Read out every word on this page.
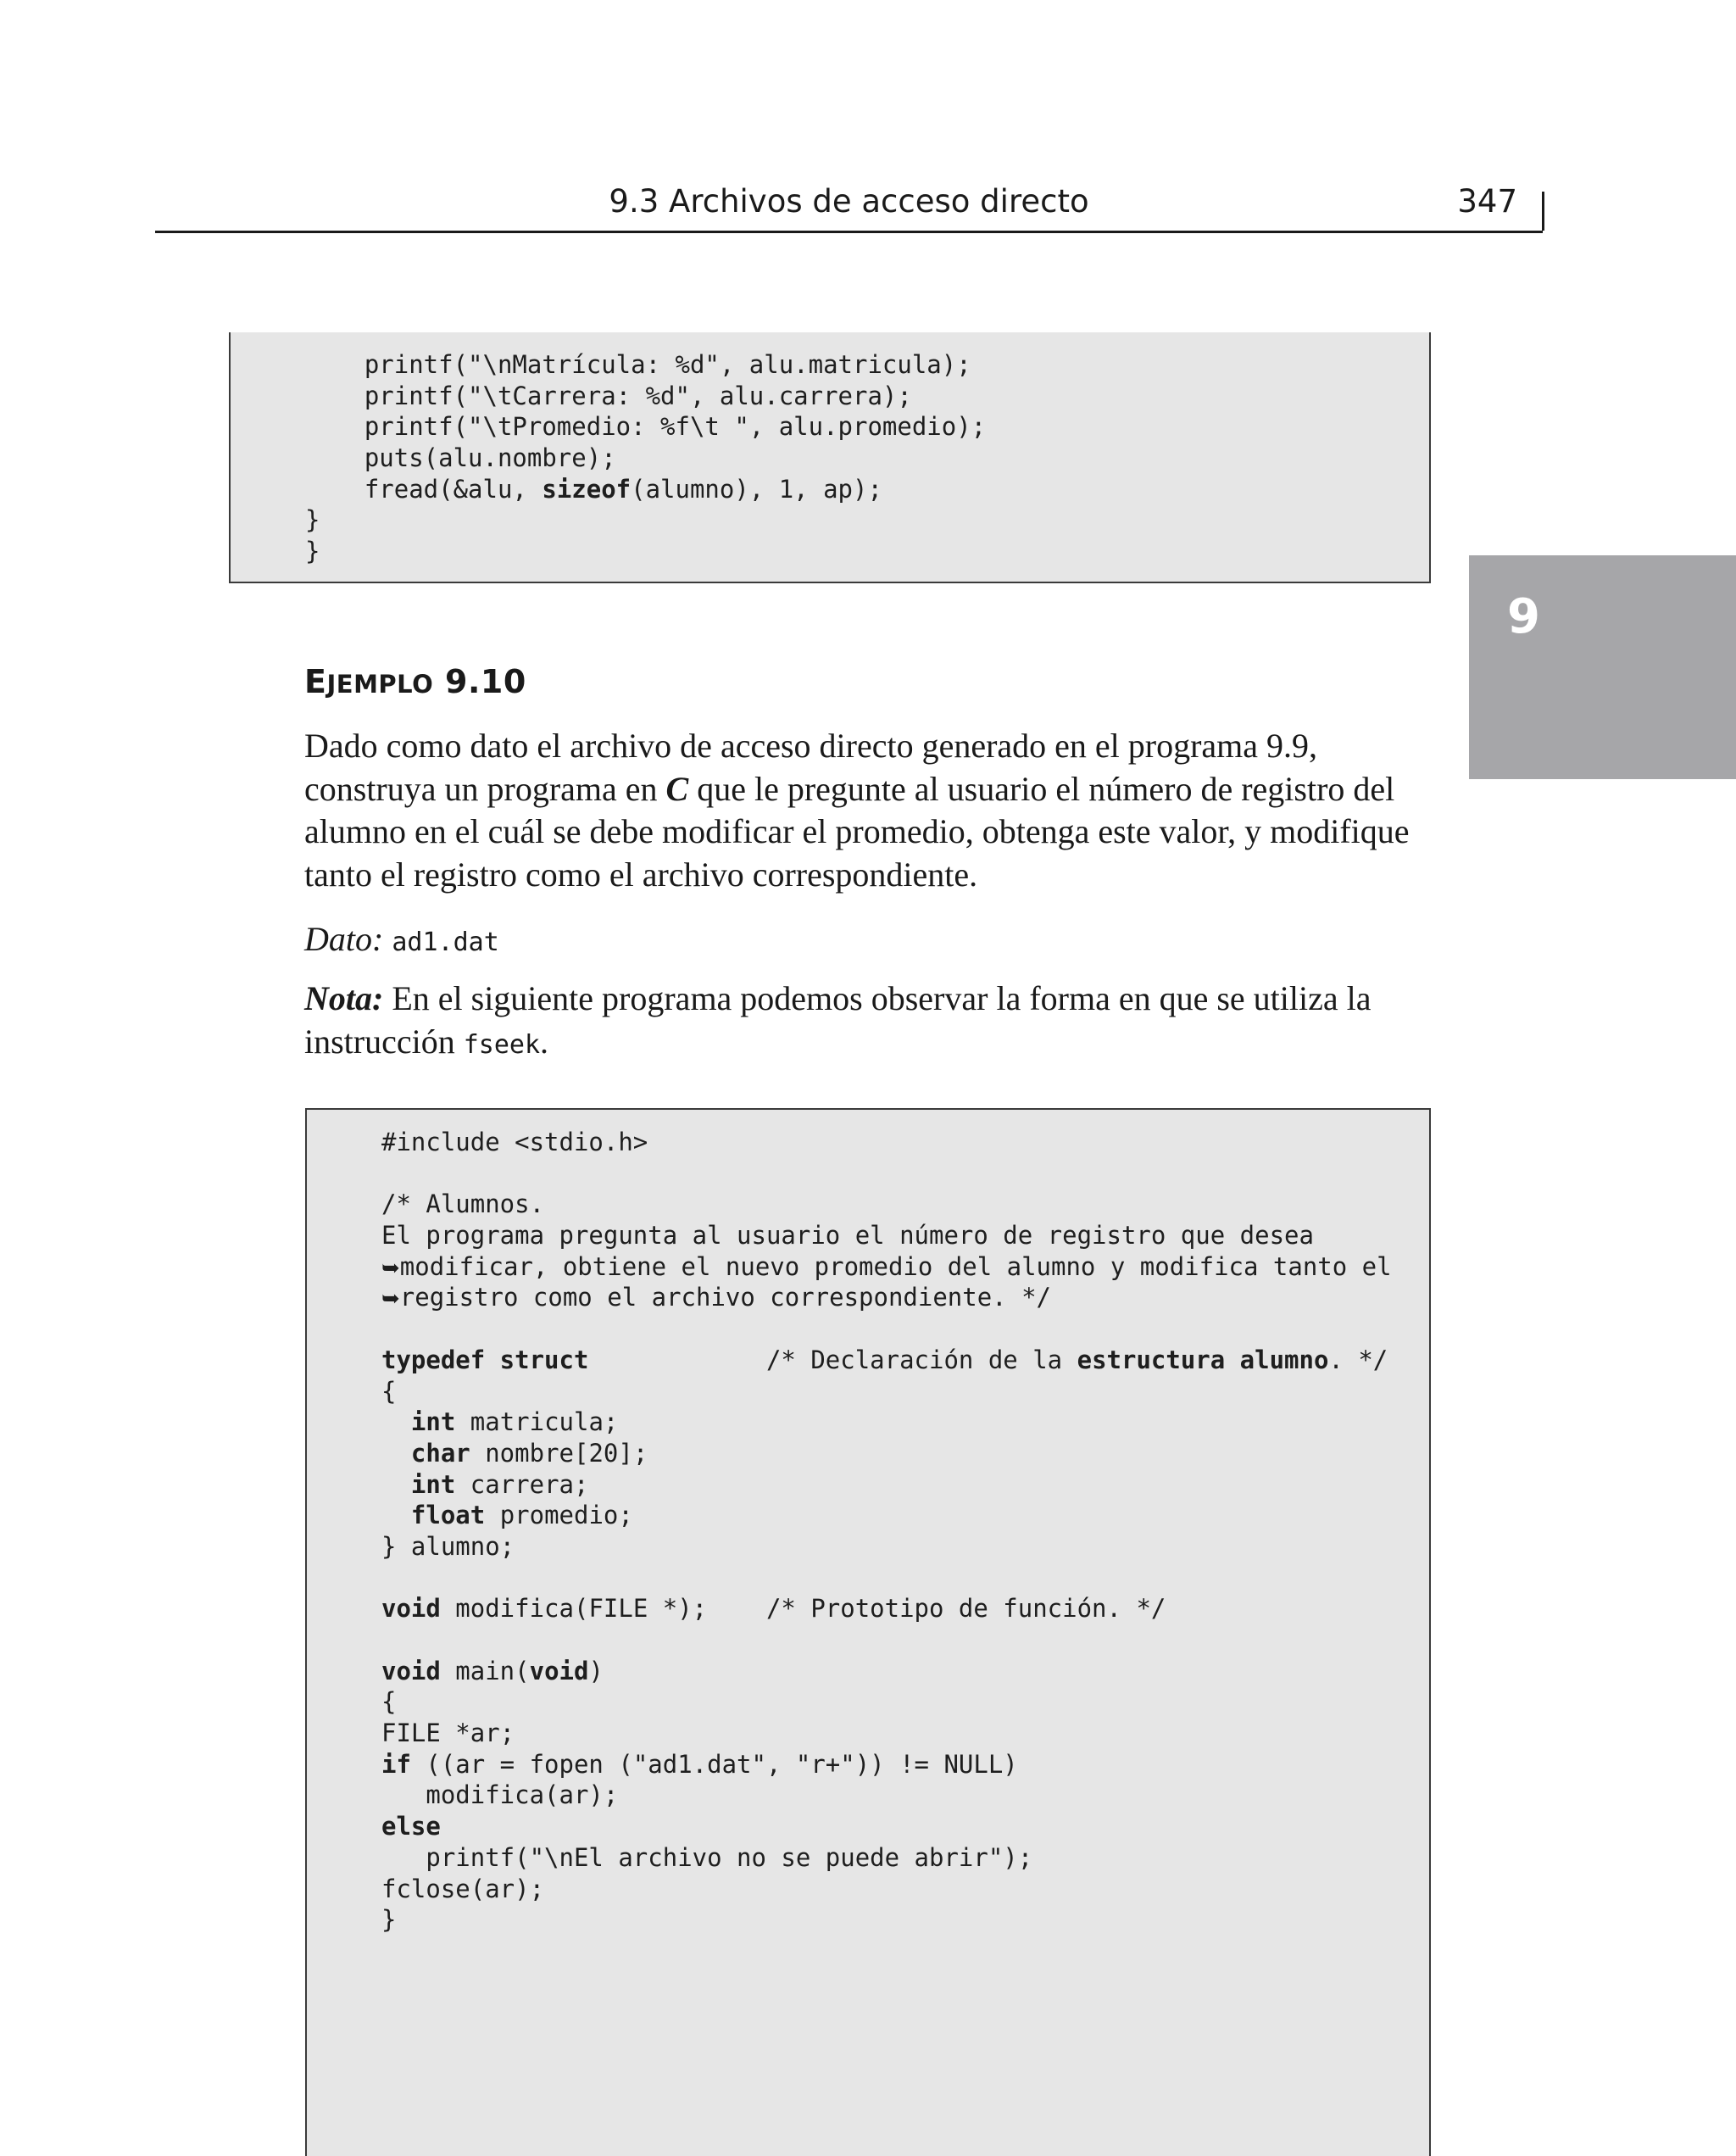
9.3 Archivos de acceso directo	347
9
printf("\nMatrícula: %d", alu.matricula);
printf("\tCarrera: %d", alu.carrera);
printf("\tPromedio: %f\t ", alu.promedio);
puts(alu.nombre);
fread(&alu, sizeof(alumno), 1, ap);
}
}
EJEMPLO 9.10

Dado como dato el archivo de acceso directo generado en el programa 9.9, construya un programa en C que le pregunte al usuario el número de registro del alumno en el cuál se debe modificar el promedio, obtenga este valor, y modifique tanto el registro como el archivo correspondiente.

Dato: ad1.dat

Nota: En el siguiente programa podemos observar la forma en que se utiliza la instrucción fseek.

#include <stdio.h>

/* Alumnos.
El programa pregunta al usuario el número de registro que desea
➥modificar, obtiene el nuevo promedio del alumno y modifica tanto el
➥registro como el archivo correspondiente. */

typedef struct            /* Declaración de la estructura alumno. */
{
int matricula;
char nombre[20];
int carrera;
float promedio;
} alumno;

void modifica(FILE *);    /* Prototipo de función. */

void main(void)
{
FILE *ar;
if ((ar = fopen ("ad1.dat", "r+")) != NULL)
modifica(ar);
else
printf("\nEl archivo no se puede abrir");
fclose(ar);
}
